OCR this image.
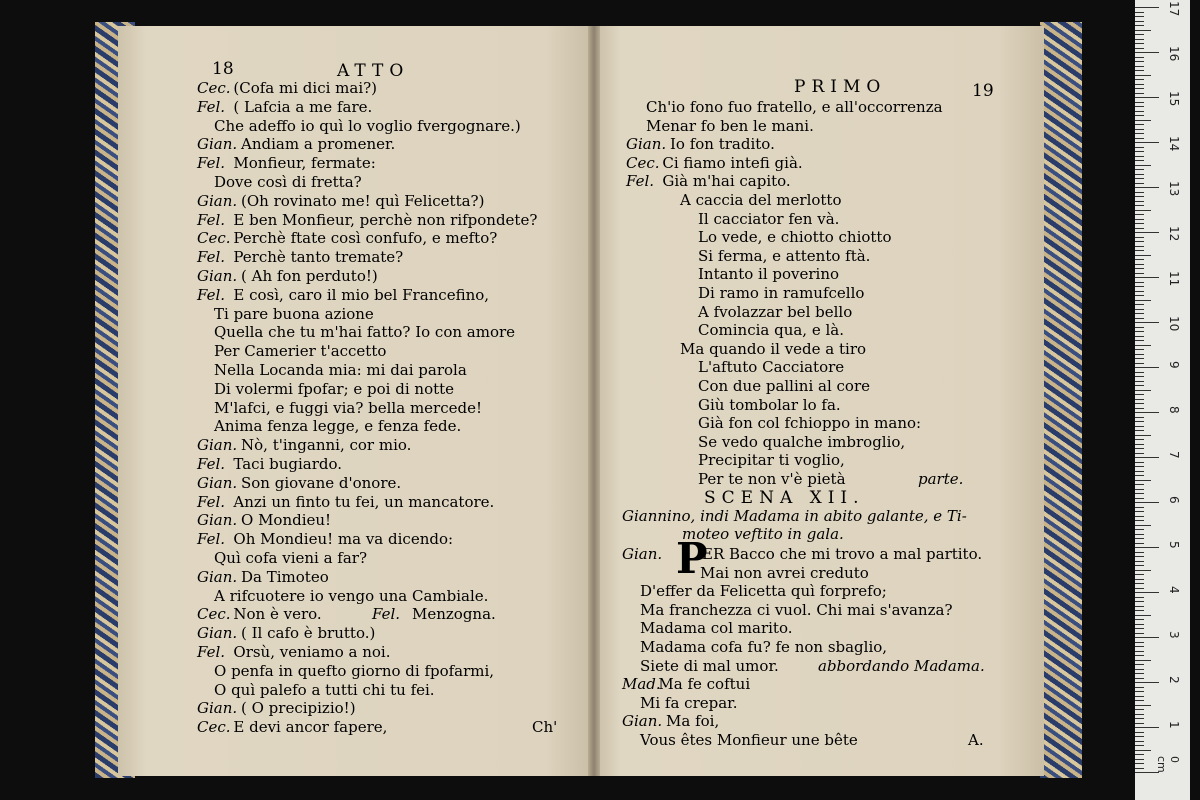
18	ATTO
Cec. (Cofa mi dici mai?)
Fel. ( Lafcia a me fare.
Che adeffo io quì lo voglio fvergognare.)
Gian. Andiam a promener.
Fel. Monfieur, fermate:
Dove così di fretta?
Gian. (Oh rovinato me! quì Felicetta?)
Fel. E ben Monfieur, perchè non rifpondete?
Cec. Perchè ftate così confufo, e mefto?
Fel. Perchè tanto tremate?
Gian. ( Ah fon perduto!)
Fel. E così, caro il mio bel Francefino,
Ti pare buona azione
Quella che tu m'hai fatto? Io con amore
Per Camerier t'accetto
Nella Locanda mia: mi dai parola
Di volermi fpofar; e poi di notte
M'lafci, e fuggi via? bella mercede!
Anima fenza legge, e fenza fede.
Gian. Nò, t'inganni, cor mio.
Fel. Taci bugiardo.
Gian. Son giovane d'onore.
Fel. Anzi un finto tu fei, un mancatore.
Gian. O Mondieu!
Fel. Oh Mondieu! ma va dicendo:
Quì cofa vieni a far?
Gian. Da Timoteo
A rifcuotere io vengo una Cambiale.
Cec. Non è vero.	Fel. Menzogna.
Gian. ( Il cafo è brutto.)
Fel. Orsù, veniamo a noi.
O penfa in quefto giorno di fpofarmi,
O quì palefo a tutti chi tu fei.
Gian. ( O precipizio!)
Cec. E devi ancor fapere,	Ch'
PRIMO	19
Ch'io fono fuo fratello, e all'occorrenza
Menar fo ben le mani.
Gian. Io fon tradito.
Cec. Ci fiamo intefi già.
Fel. Già m'hai capito.
A caccia del merlotto
Il cacciator fen và.
Lo vede, e chiotto chiotto
Si ferma, e attento ftà.
Intanto il poverino
Di ramo in ramufcello
A fvolazzar bel bello
Comincia qua, e là.
Ma quando il vede a tiro
L'aftuto Cacciatore
Con due pallini al core
Giù tombolar lo fa.
Già fon col fchioppo in mano:
Se vedo qualche imbroglio,
Precipitar ti voglio,
Per te non v'è pietà	parte.
SCENA XII.
Giannino, indi Madama in abito galante, e Ti-
moteo veftito in gala.
Gian. P
ER Bacco che mi trovo a mal partito.
Mai non avrei creduto
D'effer da Felicetta quì forprefo;
Ma franchezza ci vuol. Chi mai s'avanza?
Madama col marito.
Madama cofa fu? fe non sbaglio,
Siete di mal umor.	abbordando Madama.
Mad.
Ma fe coftui
Mi fa crepar.
Gian. Ma foi,
Vous êtes Monfieur une bête	A.
17
16
15
14
13
12
11
10
9
8
7
6
5
4
3
2
1
0 cm
